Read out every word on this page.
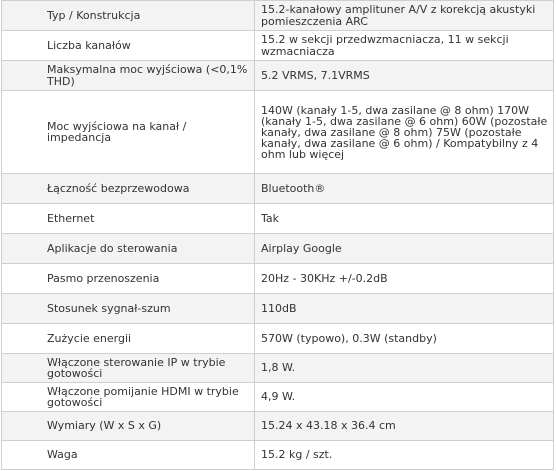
Typ / Konstrukcja	15.2-kanałowy amplituner A/V z korekcją akustyki pomieszczenia ARC
Liczba kanałów	15.2 w sekcji przedwzmacniacza, 11 w sekcji wzmacniacza
Maksymalna moc wyjściowa (<0,1% THD)	5.2 VRMS, 7.1VRMS
Moc wyjściowa na kanał / impedancja	140W (kanały 1-5, dwa zasilane @ 8 ohm) 170W (kanały 1-5, dwa zasilane @ 6 ohm) 60W (pozostałe kanały, dwa zasilane @ 8 ohm) 75W (pozostałe kanały, dwa zasilane @ 6 ohm) / Kompatybilny z 4 ohm lub więcej
Łączność bezprzewodowa	Bluetooth®
Ethernet	Tak
Aplikacje do sterowania	Airplay Google
Pasmo przenoszenia	20Hz - 30KHz +/-0.2dB
Stosunek sygnał-szum	110dB
Zużycie energii	570W (typowo), 0.3W (standby)
Włączone sterowanie IP w trybie gotowości	1,8 W.
Włączone pomijanie HDMI w trybie gotowości	4,9 W.
Wymiary (W x S x G)	15.24 x 43.18 x 36.4 cm
Waga	15.2 kg / szt.
